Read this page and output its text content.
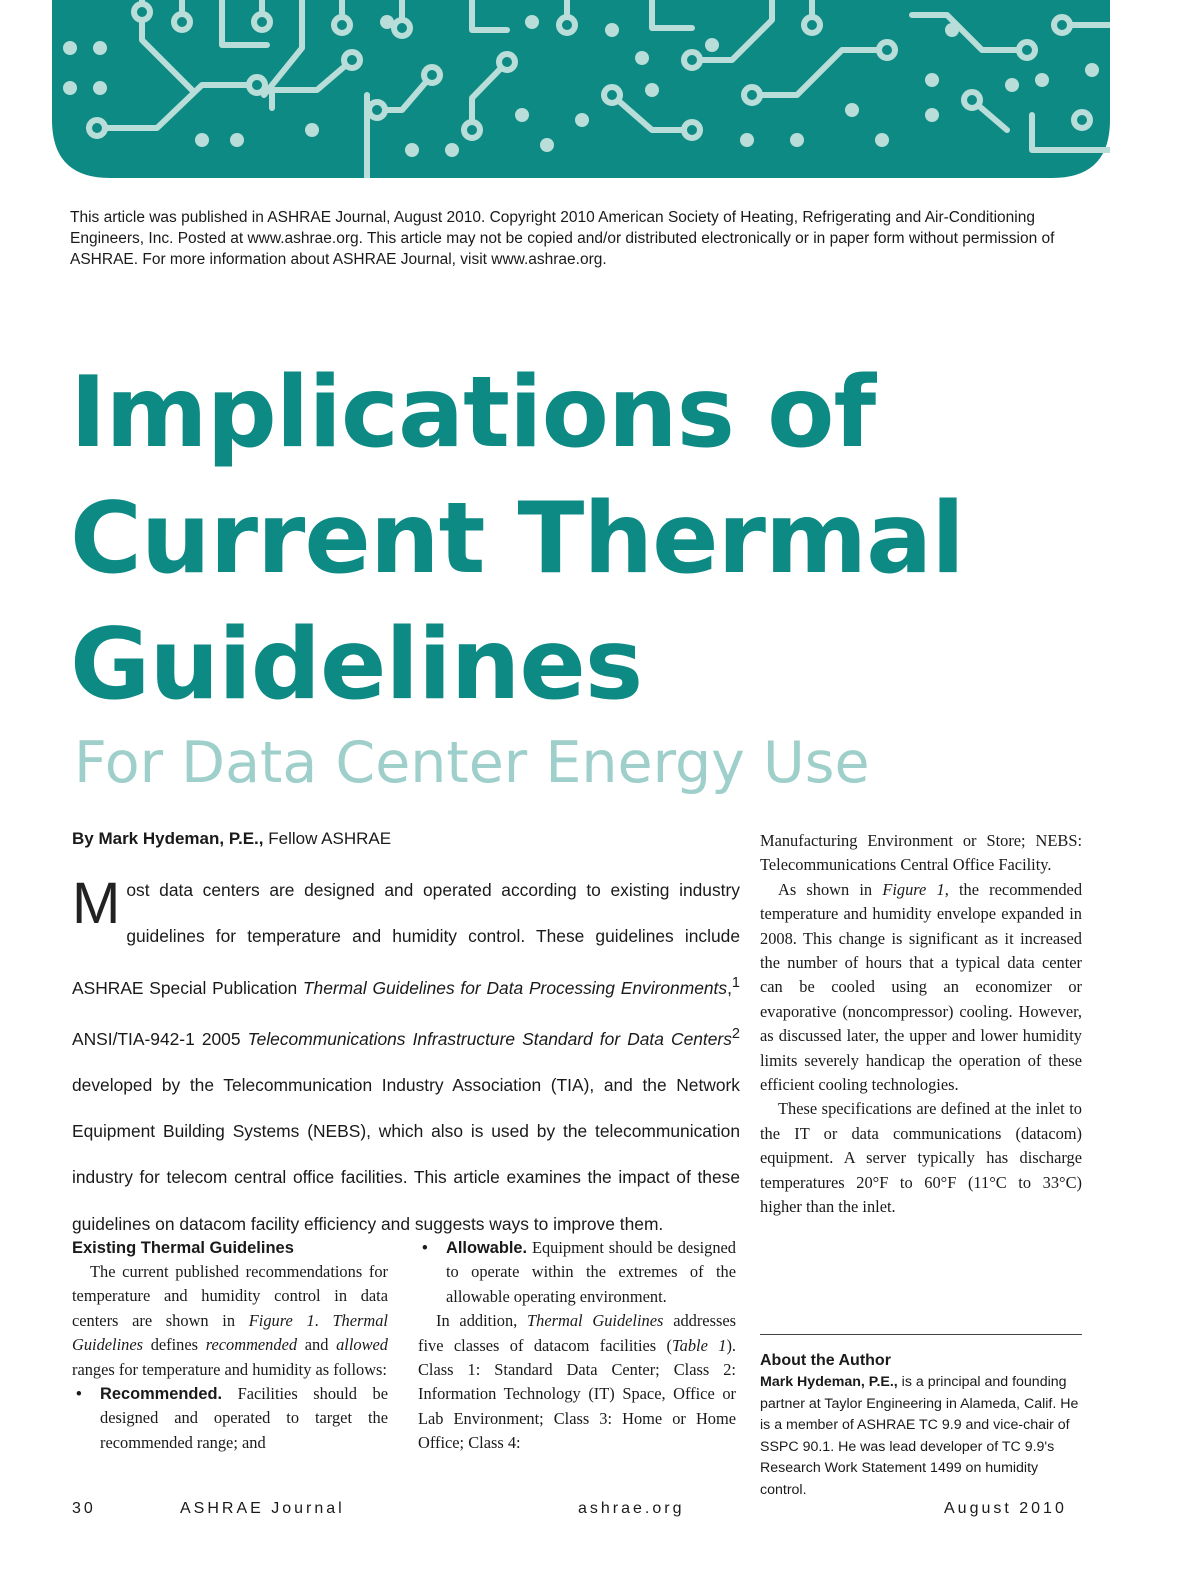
This article was published in ASHRAE Journal, August 2010. Copyright 2010 American Society of Heating, Refrigerating and Air-Conditioning Engineers, Inc. Posted at www.ashrae.org. This article may not be copied and/or distributed electronically or in paper form without permission of ASHRAE. For more information about ASHRAE Journal, visit www.ashrae.org.
Implications of
Current Thermal
Guidelines
For Data Center Energy Use
By Mark Hydeman, P.E., Fellow ASHRAE
Most data centers are designed and operated according to existing industry guidelines for temperature and humidity control. These guidelines include ASHRAE Special Publication Thermal Guidelines for Data Processing Environments,$^1$ ANSI/TIA-942-1 2005 Telecommunications Infrastructure Standard for Data Centers$^2$ developed by the Telecommunication Industry Association (TIA), and the Network Equipment Building Systems (NEBS), which also is used by the telecommunication industry for telecom central office facilities. This article examines the impact of these guidelines on datacom facility efficiency and suggests ways to improve them.
Existing Thermal Guidelines

The current published recommendations for temperature and humidity control in data centers are shown in Figure 1. Thermal Guidelines defines recommended and allowed ranges for temperature and humidity as follows:

• Recommended. Facilities should be designed and operated to target the recommended range; and
• Allowable. Equipment should be designed to operate within the extremes of the allowable operating environment.

In addition, Thermal Guidelines addresses five classes of datacom facilities (Table 1). Class 1: Standard Data Center; Class 2: Information Technology (IT) Space, Office or Lab Environment; Class 3: Home or Home Office; Class 4:

Manufacturing Environment or Store; NEBS: Telecommunications Central Office Facility.

As shown in Figure 1, the recommended temperature and humidity envelope expanded in 2008. This change is significant as it increased the number of hours that a typical data center can be cooled using an economizer or evaporative (noncompressor) cooling. However, as discussed later, the upper and lower humidity limits severely handicap the operation of these efficient cooling technologies.

These specifications are defined at the inlet to the IT or data communications (datacom) equipment. A server typically has discharge temperatures 20°F to 60°F (11°C to 33°C) higher than the inlet.

About the Author
Mark Hydeman, P.E., is a principal and founding partner at Taylor Engineering in Alameda, Calif. He is a member of ASHRAE TC 9.9 and vice-chair of SSPC 90.1. He was lead developer of TC 9.9's Research Work Statement 1499 on humidity control.
30	ASHRAE Journal	ashrae.org	August 2010
